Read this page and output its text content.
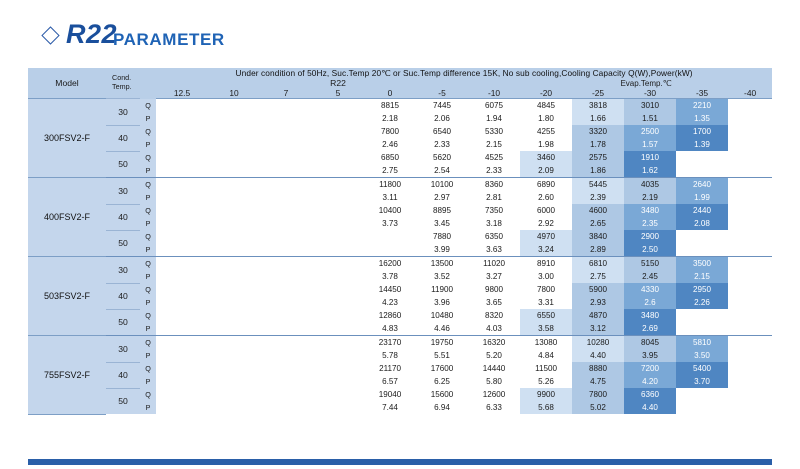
R22
PARAMETER
Model	Cond.
Temp.		Under condition of 50Hz, Suc.Temp 20℃ or Suc.Temp difference 15K, No sub cooling,Cooling Capacity Q(W),Power(kW)											
			R22							Evap.Temp.℃				
			12.5	10	7	5	0	-5	-10	-20	-25	-30	-35	-40
300FSV2-F	30	Q					8815	7445	6075	4845	3818	3010	2210	
		P					2.18	2.06	1.94	1.80	1.66	1.51	1.35	
	40	Q					7800	6540	5330	4255	3320	2500	1700	
		P					2.46	2.33	2.15	1.98	1.78	1.57	1.39	
	50	Q					6850	5620	4525	3460	2575	1910		
		P					2.75	2.54	2.33	2.09	1.86	1.62		
400FSV2-F	30	Q					11800	10100	8360	6890	5445	4035	2640	
		P					3.11	2.97	2.81	2.60	2.39	2.19	1.99	
	40	Q					10400	8895	7350	6000	4600	3480	2440	
		P					3.73	3.45	3.18	2.92	2.65	2.35	2.08	
	50	Q						7880	6350	4970	3840	2900		
		P						3.99	3.63	3.24	2.89	2.50		
503FSV2-F	30	Q					16200	13500	11020	8910	6810	5150	3500	
		P					3.78	3.52	3.27	3.00	2.75	2.45	2.15	
	40	Q					14450	11900	9800	7800	5900	4330	2950	
		P					4.23	3.96	3.65	3.31	2.93	2.6	2.26	
	50	Q					12860	10480	8320	6550	4870	3480		
		P					4.83	4.46	4.03	3.58	3.12	2.69		
755FSV2-F	30	Q					23170	19750	16320	13080	10280	8045	5810	
		P					5.78	5.51	5.20	4.84	4.40	3.95	3.50	
	40	Q					21170	17600	14440	11500	8880	7200	5400	
		P					6.57	6.25	5.80	5.26	4.75	4.20	3.70	
	50	Q					19040	15600	12600	9900	7800	6360		
		P					7.44	6.94	6.33	5.68	5.02	4.40		
